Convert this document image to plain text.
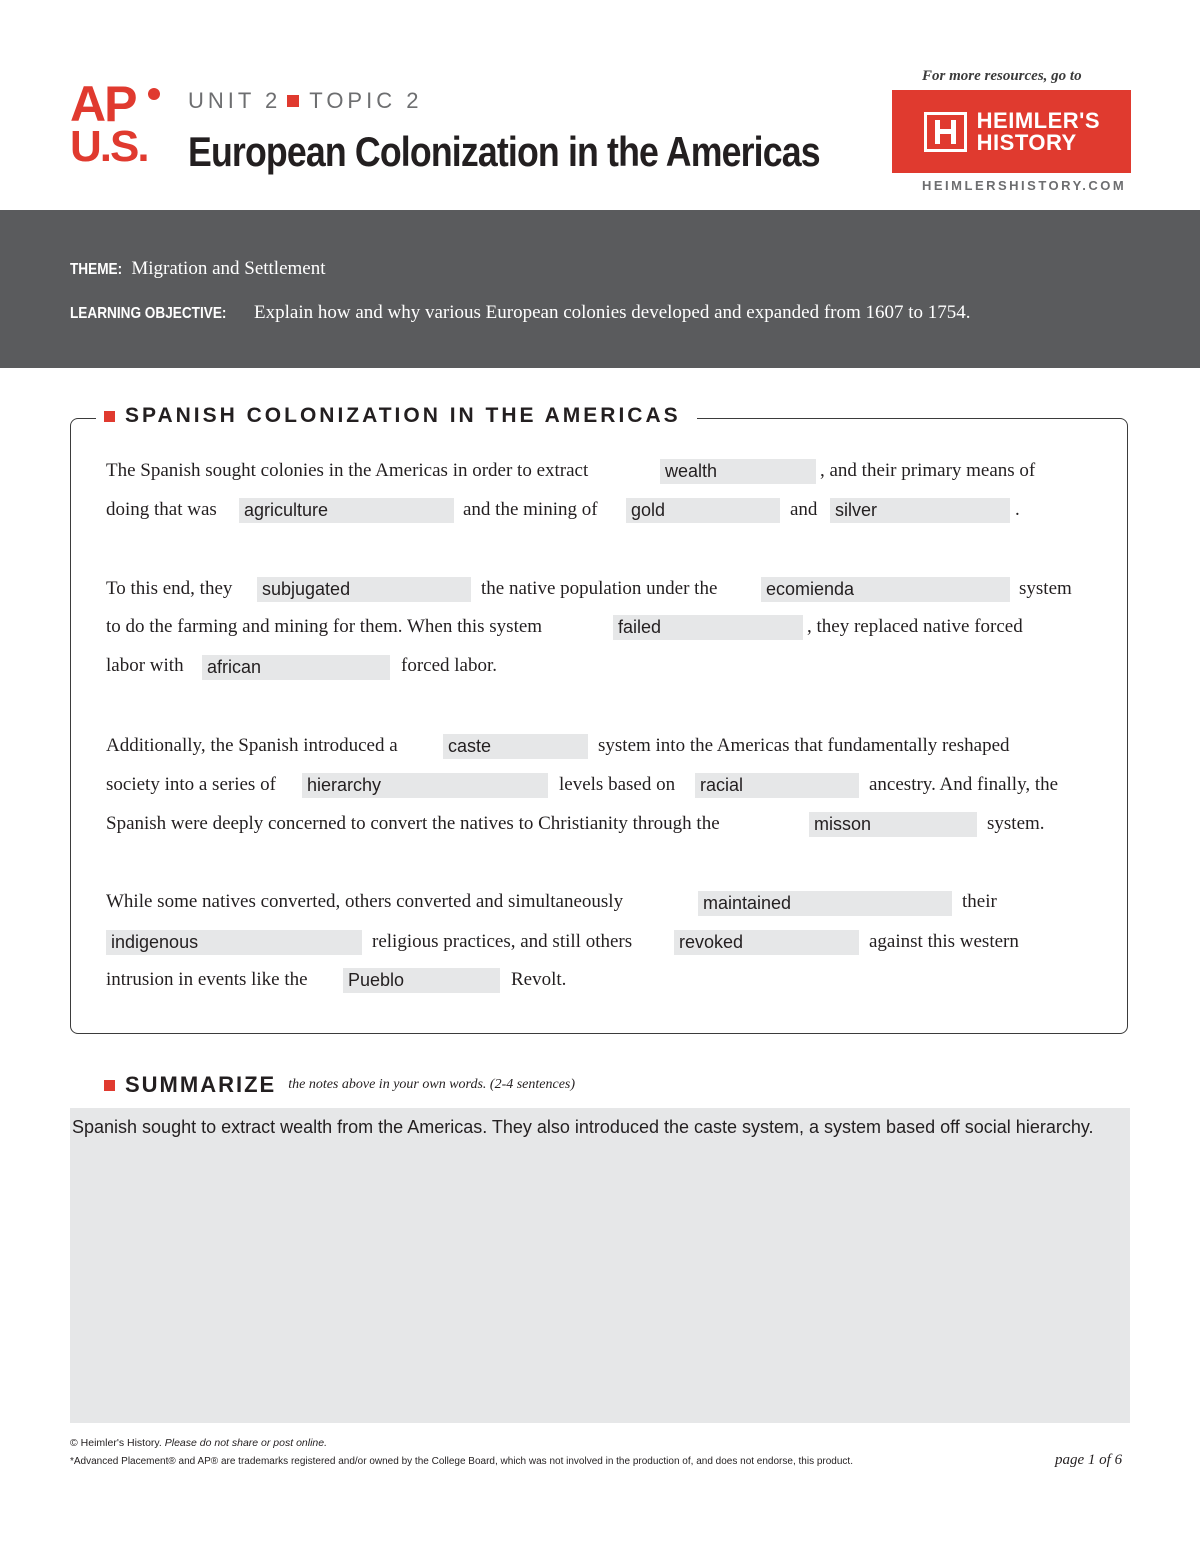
AP
U.S.
UNIT 2 TOPIC 2
European Colonization in the Americas
For more resources, go to
HEIMLER'S
HISTORY
HEIMLERSHISTORY.COM
THEME: Migration and Settlement
LEARNING OBJECTIVE: Explain how and why various European colonies developed and expanded from 1607 to 1754.
SPANISH COLONIZATION IN THE AMERICAS
The Spanish sought colonies in the Americas in order to extract	wealth	, and their primary means of
doing that was agriculture	and the mining of gold	and silver	.
To this end, they subjugated	the native population under the	ecomienda	system
to do the farming and mining for them. When this system	failed	, they replaced native forced
labor with african	forced labor.
Additionally, the Spanish introduced a	caste	system into the Americas that fundamentally reshaped
society into a series of hierarchy	levels based on racial	ancestry. And finally, the
Spanish were deeply concerned to convert the natives to Christianity through the	misson	system.
While some natives converted, others converted and simultaneously	maintained	their
indigenous	religious practices, and still others	revoked	against this western
intrusion in events like the Pueblo	Revolt.
SUMMARIZE the notes above in your own words. (2-4 sentences)
Spanish sought to extract wealth from the Americas. They also introduced the caste system, a system based off social hierarchy.
© Heimler's History. Please do not share or post online.
*Advanced Placement® and AP® are trademarks registered and/or owned by the College Board, which was not involved in the production of, and does not endorse, this product.	page 1 of 6
